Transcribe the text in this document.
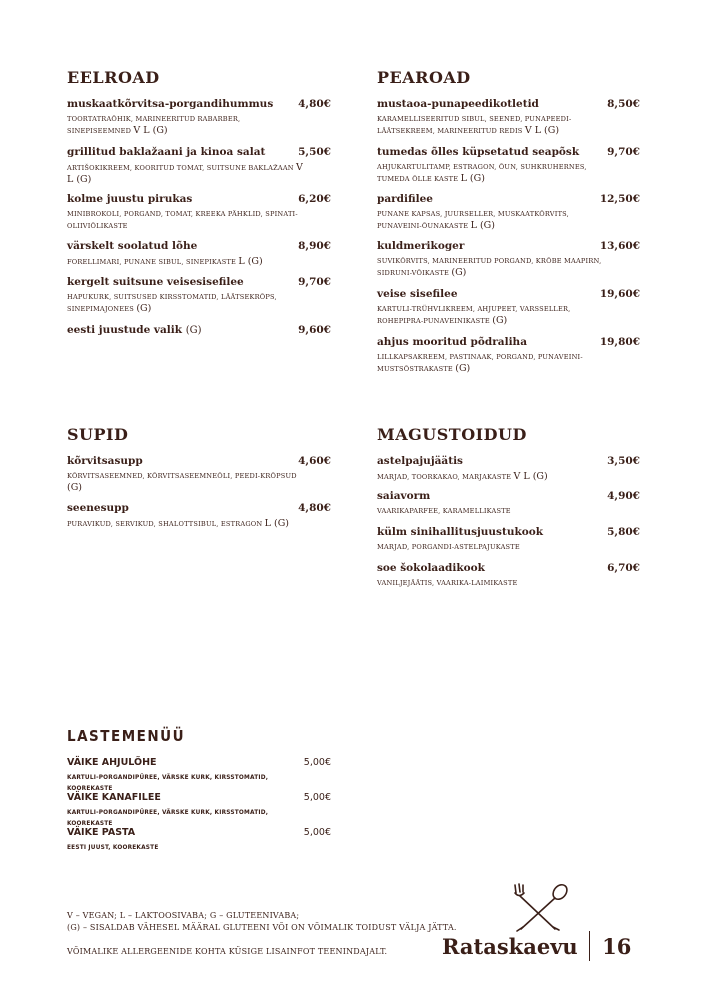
EELROAD
muskaatkõrvitsa-porgandihummus 4,80€
TOORTATRAÕHIK, MARINEERITUD RABARBER, SINEPISEEMNED V L (G)
grillitud baklažaani ja kinoa salat	5,50€
ARTIŠOKIKREEM, KOORITUD TOMAT, SUITSUNE BAKLAŽAAN V L (G)
kolme juustu pirukas	6,20€
MINIBROKOLI, PORGAND, TOMAT, KREEKA PÄHKLID, SPINATI-OLIIVIÕLIKASTE
värskelt soolatud lõhe	8,90€
FORELLIMARI, PUNANE SIBUL, SINEPIKASTE L (G)
kergelt suitsune veisesisefilee	9,70€
HAPUKURK, SUITSUSED KIRSSTOMATID, LÄÄTSEKRÕPS, SINEPIMAJONEES (G)
eesti juustude valik (G)	9,60€
PEAROAD
mustaoa-punapeedikotletid	8,50€
KARAMELLISEERITUD SIBUL, SEENED, PUNAPEEDI-LÄÄTSEKREEM, MARINEERITUD REDIS V L (G)
tumedas õlles küpsetatud seapõsk	9,70€
AHJUKARTULITAMP, ESTRAGON, ÕUN, SUHKRUHERNES, TUMEDA ÕLLE KASTE L (G)
pardifilee	12,50€
PUNANE KAPSAS, JUURSELLER, MUSKAATKÕRVITS, PUNAVEINI-ÕUNAKASTE L (G)
kuldmerikoger	13,60€
SUVIKÕRVITS, MARINEERITUD PORGAND, KRÕBE MAAPIRN, SIDRUNI-VÕIKASTE (G)
veise sisefilee	19,60€
KARTULI-TRÜHVLIKREEM, AHJUPEET, VARSSELLER, ROHEPIPRA-PUNAVEINIKASTE (G)
ahjus mooritud põdraliha	19,80€
LILLKAPSAKREEM, PASTINAAK, PORGAND, PUNAVEINI-MUSTSÕSTRAKASTE (G)
SUPID
kõrvitsasupp	4,60€
KÕRVITSASEEMNED, KÕRVITSASEEMNEÕLI, PEEDI-KRÕPSUD (G)
seenesupp	4,80€
PURAVIKUD, SERVIKUD, SHALOTTSIBUL, ESTRAGON L (G)
MAGUSTOIDUD
astelpajujäätis	3,50€
MARJAD, TOORKAKAO, MARJAKASTE V L (G)
saiavorm	4,90€
VAARIKAPARFEE, KARAMELLIKASTE
külm sinihallitusjuustukook	5,80€
MARJAD, PORGANDI-ASTELPAJUKASTE
soe šokolaadikook	6,70€
VANILJEJÄÄTIS, VAARIKA-LAIMIKASTE
LASTEMENÜÜ
VÄIKE AHJULÕHE	5,00€
KARTULI-PORGANDIPÜREE, VÄRSKE KURK, KIRSSTOMATID, KOOREKASTE
VÄIKE KANAFILEE	5,00€
KARTULI-PORGANDIPÜREE, VÄRSKE KURK, KIRSSTOMATID, KOOREKASTE
VÄIKE PASTA	5,00€
EESTI JUUST, KOOREKASTE

V – VEGAN; L – LAKTOOSIVABA; G – GLUTEENIVABA;

(G) – SISALDAB VÄHESEL MÄÄRAL GLUTEENI VÕI ON VÕIMALIK TOIDUST VÄLJA JÄTTA.

VÕIMALIKE ALLERGEENIDE KOHTA KÜSIGE LISAINFOT TEENINDAJALT.	Rataskaevu 16
